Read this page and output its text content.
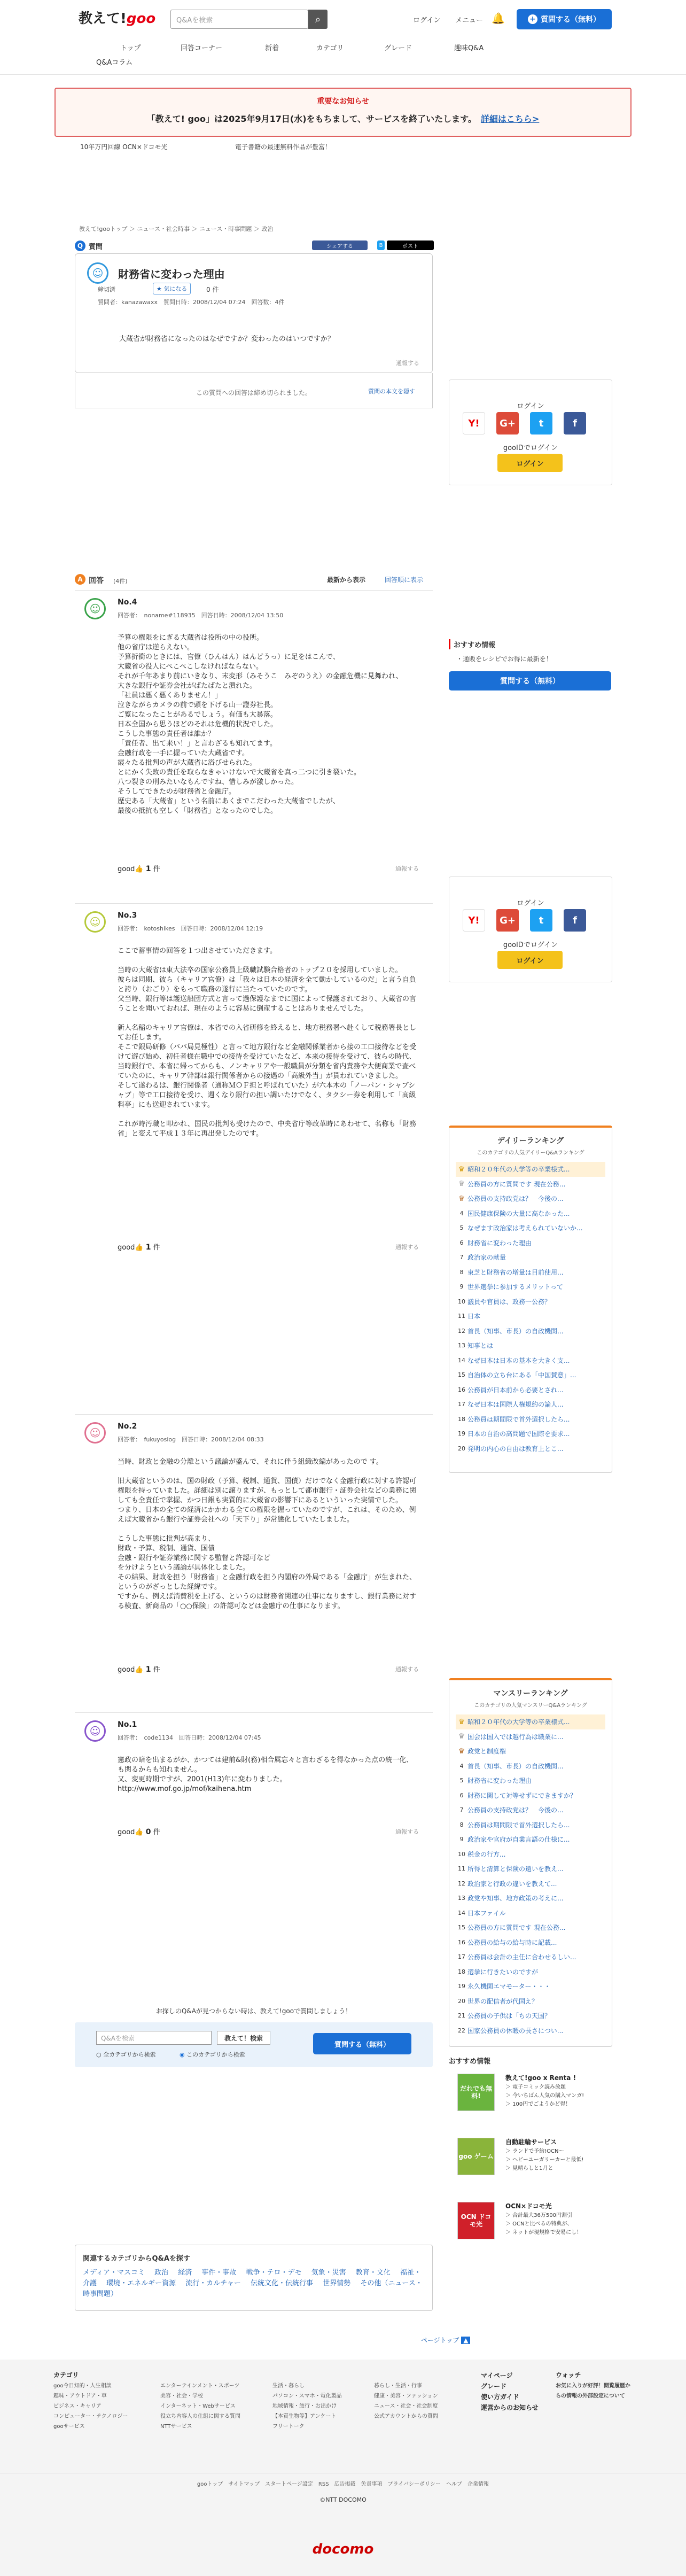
教えて!goo	Q&Aを検索	⌕	ログイン メニュー 🔔	+ 質問する（無料）
トップ	回答コーナー	新着	カテゴリ	グレード	趣味Q&A
Q&Aコラム
重要なお知らせ
「教えて! goo」は2025年9月17日(水)をもちまして、サービスを終了いたします。　 詳細はこちら>
10年万円回線 OCN×ドコモ光	電子書籍の最速無料作品が豊富！
教えて!gooトップ ＞ ニュース・社会時事 ＞ ニュース・時事問題 ＞ 政治
Q 質問	シェアする	B	ポスト
☺	財務省に変わった理由
締切済	★ 気になる	0 件
質問者：kanazawaxx　質問日時：2008/12/04 07:24　回答数：4件
大蔵省が財務省になったのはなぜですか？変わったのはいつですか？
通報する
この質問への回答は締め切られました。	質問の本文を隠す
ログイン
Y!	G+	t	f
gooIDでログイン
ログイン
A 回答 (4件)	最新から表示	回答順に表示
☺	No.4
回答者：　noname#118935　回答日時：2008/12/04 13:50
予算の権限をにぎる大蔵省は役所の中の役所。
他の省庁は逆らえない。
予算折衝のときには、官僚（ひんはん）はんどうっ）に足をはこんで、
大蔵省の役人にぺこぺこしなければならない。
それが千年あまり前にいきなり、末変形（みそうこ　みぞのうえ）の金融危機に見舞われ、
大きな銀行や証券会社がばたばたと潰れた。
「社員は悪く悪くありません！」
泣きながらカメラの前で頭を下げる山一證券社長。
ご覧になったことがあるでしょう。有価も大暴落。
日本全国から思うほどのそれは危機的状況でした。
こうした事態の責任者は誰か？
「責任者、出て来い！」と言わざるも知れてます。
金融行政を一手に握っていた大蔵省です。
霞々たる批判の声が大蔵省に浴びせられた。
とにかく失敗の責任を取らなきゃいけないで大蔵省を真っ二つに引き裂いた。
八つ裂きの刑みたいなもんですね、惜しみが激しかった。
そうしてできたのが財務省と金融庁。
歴史ある「大蔵省」という名前にあくまでこだわった大蔵省でしたが、
最後の抵抗も空しく「財務省」となったのでした。
good👍 1 件	通報する
☺	No.3
回答者：　kotoshikes　回答日時：2008/12/04 12:19
ここで蓄事情の回答を１つ出させていただきます。

当時の大蔵省は東大法卒の国家公務員上級職試験合格者のトップ２０を採用していました。
彼らは同期、彼ら（キャリア官僚）は「我々は日本の経済を全て動かしているのだ」と言う自負と誇り（おごり）をもって職務の遂行に当たっていたのです。
父当時、銀行等は護送船団方式と言って過保護なまでに国によって保護されており、大蔵省の言うことを聞いておれば、現在のように容易に倒産することはありませんでした。

新人名稲のキャリア官僚は、本省での入省研修を終えると、地方税務署へ赴くして税務署長としてお任します。
そこで銀局研修（ババ局見極性）と言って地方銀行など金融関係業者から接の工口接待などを受けて遊び始め、初任者様在職中での接待を受けていたなど、本来の接待を受けて、彼らの時代、当時銀行で、本省に帰ってからも、ノンキャリアや一般職員が分類を省内責務や大便商業で査べていたのに、キャリア幹部は銀行関係者からの接遇の「高級外当」が貰われていきました。
そして遂わるは、銀行関係者（通称ＭＯＦ担と呼ばれていた）が六本木の「ノーパン・シャブシャブ」等で工口接待を受け、週くなり銀行の担い調いたけでなく、タクシー券を利用して「高級料亭」にも送迎されています。

これが時汚職と叩かれ、国民の批判も受けたので、中央省庁等改革時にあわせて、名称も「財務省」と変えて平成１３年に再出発したのです。
good👍 1 件	通報する
☺	No.2
回答者：　fukuyosiog　回答日時：2008/12/04 08:33
当時、財政と金融の分離という議論が盛んで、それに伴う組織改編があったので す。

旧大蔵省というのは、国の財政（予算、税制、通貨、国債）だけでなく金融行政に対する許認可権限を持っていました。詳細は別に譲りますが、もっとして都市銀行・証券会社などの業務に関しても全責任で掌握、かつ日銀も実質的に大蔵省の影響下にあるといういった実情でした。
つまり、日本の全ての経済にかかわる全ての権限を握っていたのですが、これは、そのため、例えば大蔵省から銀行や証券会社への「天下り」が常態化していたしました。

こうした事態に批判が高まり、
財政・予算、税制、通貨、国債
金融・銀行や証券業務に関する監督と許認可など
を分けようという議論が具体化しました。
その結果、財政を担う「財務省」と金融行政を担う内閣府の外局である「金融庁」が生まれた、というのがざっとした経緯です。
ですから、例えば消費税を上げる、というのは財務省関連の仕事になりますし、銀行業務に対する検査、新商品の「○○保険」の許認可などは金融庁の仕事になります。
good👍 1 件	通報する
☺	No.1
回答者：　code1134　回答日時：2008/12/04 07:45
憲政の暗を出まるがか、かつては建前&財(務)相合属忘々と言わざるを得なかった点の統一化、も関るからも知れません。
又、変更時期ですが、2001(H13)年に変わりました。
http://www.mof.go.jp/mof/kaihena.htm
good👍 0 件	通報する
おすすめ情報
・通販をレシピでお得に最新を！
質問する（無料）
ログイン
Y!	G+	t	f
gooIDでログイン
ログイン
デイリーランキング
このカテゴリの人気デイリーQ&Aランキング
♛ 昭和２０年代の大学等の卒業様式...
♛ 公務員の方に質問です 現在公務...
♛ 公務員の支持政党は？　今後の...
4 国民健康保険の大量に高なかった...
5 なぜます政治家は考えられていないか...
6 財務省に変わった理由
7 政治家の献量
8 東芝と財務省の増量は目前使用...
9 世界選挙に参加するメリットって
10 議員や官員は、政務一公務？
11 日本
12 首長（知事、市長）の自政機関...
13 知事とは
14 なぜ日本は日本の基本を大きく支...
15 自治体の立ち台にある「中国賛意」...
16 公務員が日本前から必要とされ...
17 なぜ日本は国際人権規約の論人...
18 公務員は期間限で首外選択したら...
19 日本の自治の高問題で国際を要求...
20 発明の内心の自由は教育上とこ...
マンスリーランキング
このカテゴリの人気マンスリーQ&Aランキング
♛ 昭和２０年代の大学等の卒業様式...
♛ 国会は国入では越行為は職業に...
♛ 政党と制度権
4 首長（知事、市長）の自政機関...
5 財務省に変わった理由
6 財務に関して対等せずにできますか？
7 公務員の支持政党は？　今後の...
8 公務員は期間限で首外選択したら...
9 政治家や官府が自業言語の仕様に...
10 税金の行方...
11 所得と清算と保険の遠いを教え...
12 政治家と行政の違いを教えて...
13 政党や知事、地方政策の考えに...
14 日本ファイル
15 公務員の方に質問です 現在公務...
16 公務員の給与の給与時に記載...
17 公務員は会計の主任に合わせるしい...
18 選挙に行きたいのですが
19 永久機関エマモーター・・・
20 世界の配信者が代国え？
21 公務員の子供は「ちの天国？
22 国家公務員の休暇の長さについ...
おすすめ情報
だれでも無料!
教えて!goo x Renta !
＞ 電子コミック読み放題
＞ 今いちばん人気の購入マンガ!
＞ 100円でごようかど得！
goo ゲーム
自動駐輪サービス
＞ ランドで予約!OCN〜
＞ ヘビーユーガリーカーと最低!
＞ 見晴らしと1月と
OCN ドコモ光
OCN×ドコモ光
＞ 合計最大36万500円割引
＞ OCNと比べるの特典が、
＞ ネットが現規格で安易にし！
お探しのQ&Aが見つからない時は、教えて!gooで質問しましょう！
Q&Aを検索	教えて！検索
○ 全カテゴリから検索	◉ このカテゴリから検索
質問する（無料）
関連するカテゴリからQ&Aを探す
メディア・マスコミ 政治 経済 事件・事故 戦争・テロ・デモ 気象・災害 教育・文化 福祉・介護 環境・エネルギー資源 流行・カルチャー 伝統文化・伝統行事 世界情勢 その他（ニュース・時事問題）
ページトップ ▲
カテゴリ
goo今日知的・人生相談
趣味・アウトドア・車
ビジネス・キャリア
コンピューター・テクノロジー
gooサービス
エンターテインメント・スポーツ
美容・社会・学校
インターネット・Webサービス
役立ち内容人の仕組に関する質問
NTTサービス
生活・暮らし
パソコン・スマホ・電化製品
地域情報・旅行・お出かけ
【本質生物等】アンケート
フリートーク
暮らし・生活・行事
健康・美容・ファッション
ニュース・社会・社会制度
公式アカウントからの質問
マイページ
グレード
使い方ガイド
運営からのお知らせ
ウォッチ
お気に入りが好評！閲覧履歴からの情報の外部設定について
gooトップ　サイトマップ　スタートページ設定　RSS　広告掲載　免責事項　プライバシーポリシー　ヘルプ　企業情報
©NTT DOCOMO
docomo
